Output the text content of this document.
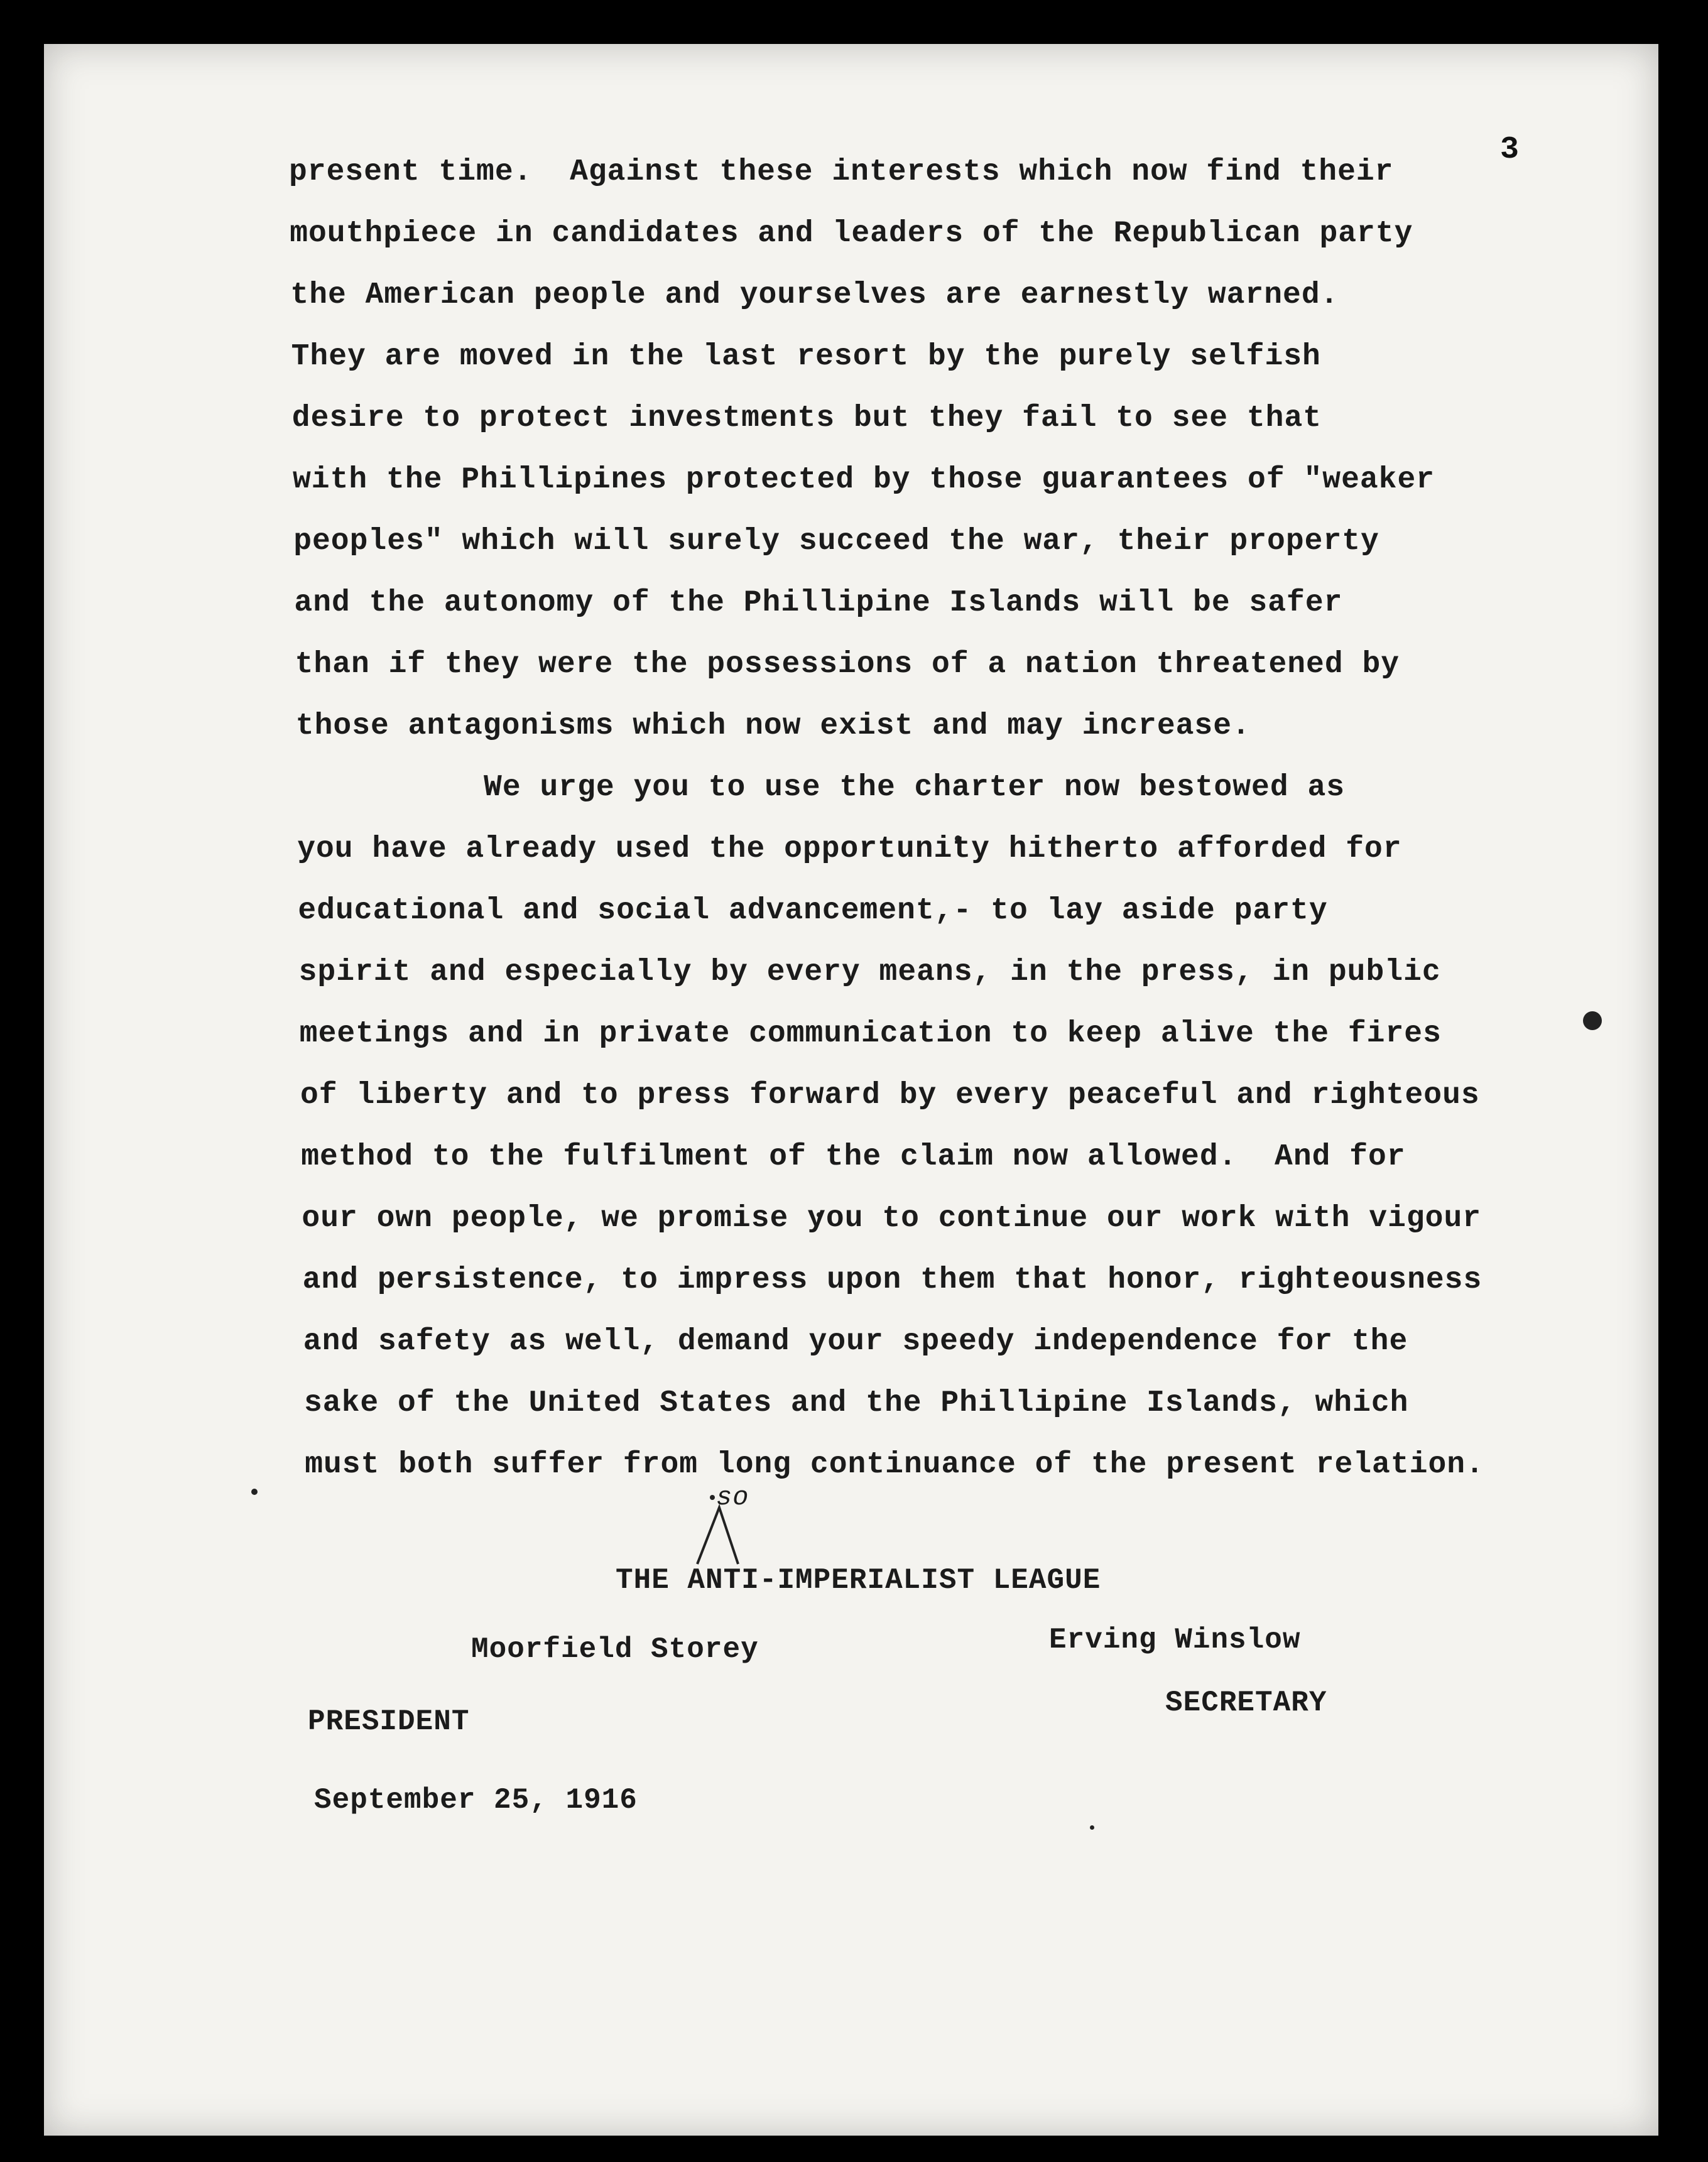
3
present time.  Against these interests which now find their
mouthpiece in candidates and leaders of the Republican party
the American people and yourselves are earnestly warned.
They are moved in the last resort by the purely selfish
desire to protect investments but they fail to see that
with the Phillipines protected by those guarantees of "weaker
peoples" which will surely succeed the war, their property
and the autonomy of the Phillipine Islands will be safer
than if they were the possessions of a nation threatened by
those antagonisms which now exist and may increase.
We urge you to use the charter now bestowed as
you have already used the opportunity hitherto afforded for
educational and social advancement,- to lay aside party
spirit and especially by every means, in the press, in public
meetings and in private communication to keep alive the fires
of liberty and to press forward by every peaceful and righteous
method to the fulfilment of the claim now allowed.  And for
our own people, we promise you to continue our work with vigour
and persistence, to impress upon them that honor, righteousness
and safety as well, demand your speedy independence for the
sake of the United States and the Phillipine Islands, which
must both suffer from long continuance of the present relation.
so
THE ANTI-IMPERIALIST LEAGUE
Moorfield Storey	Erving Winslow
PRESIDENT
SECRETARY
September 25, 1916
